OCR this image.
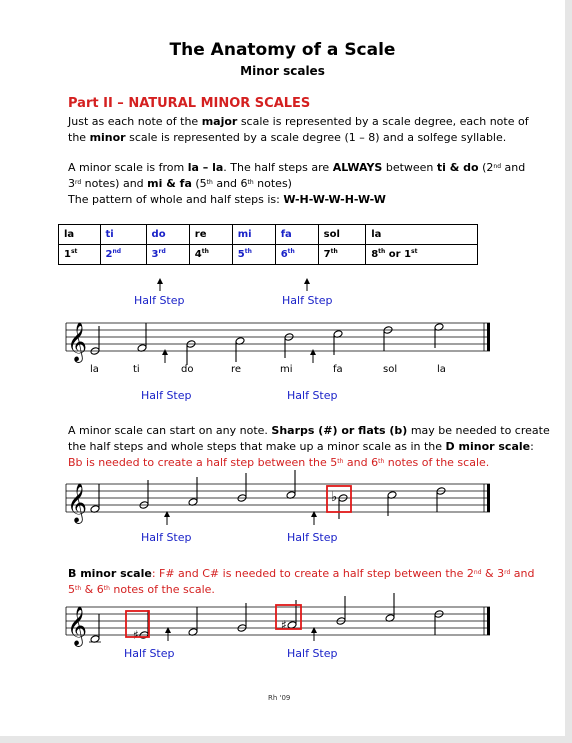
The Anatomy of a Scale
Minor scales
Part II – NATURAL MINOR SCALES
Just as each note of the major scale is represented by a scale degree, each note of
the minor scale is represented by a scale degree (1 – 8) and a solfege syllable.
A minor scale is from la – la. The half steps are ALWAYS between ti & do (2nd and
3rd notes) and mi & fa (5th and 6th notes)
The pattern of whole and half steps is: W-H-W-W-H-W-W
la	ti	do	re	mi	fa	sol	la
1st	2nd	3rd	4th	5th	6th	7th	8th or 1st
Half Step	Half Step
la	ti	do	re	mi	fa	sol	la
Half Step	Half Step
A minor scale can start on any note. Sharps (#) or flats (b) may be needed to create
the half steps and whole steps that make up a minor scale as in the D minor scale:
Bb is needed to create a half step between the 5th and 6th notes of the scale.
Half Step	Half Step
B minor scale: F# and C# is needed to create a half step between the 2nd & 3rd and
5th & 6th notes of the scale.
Half Step	Half Step
𝄞
𝄞	♭
𝄞	♯
♯
Rh '09
